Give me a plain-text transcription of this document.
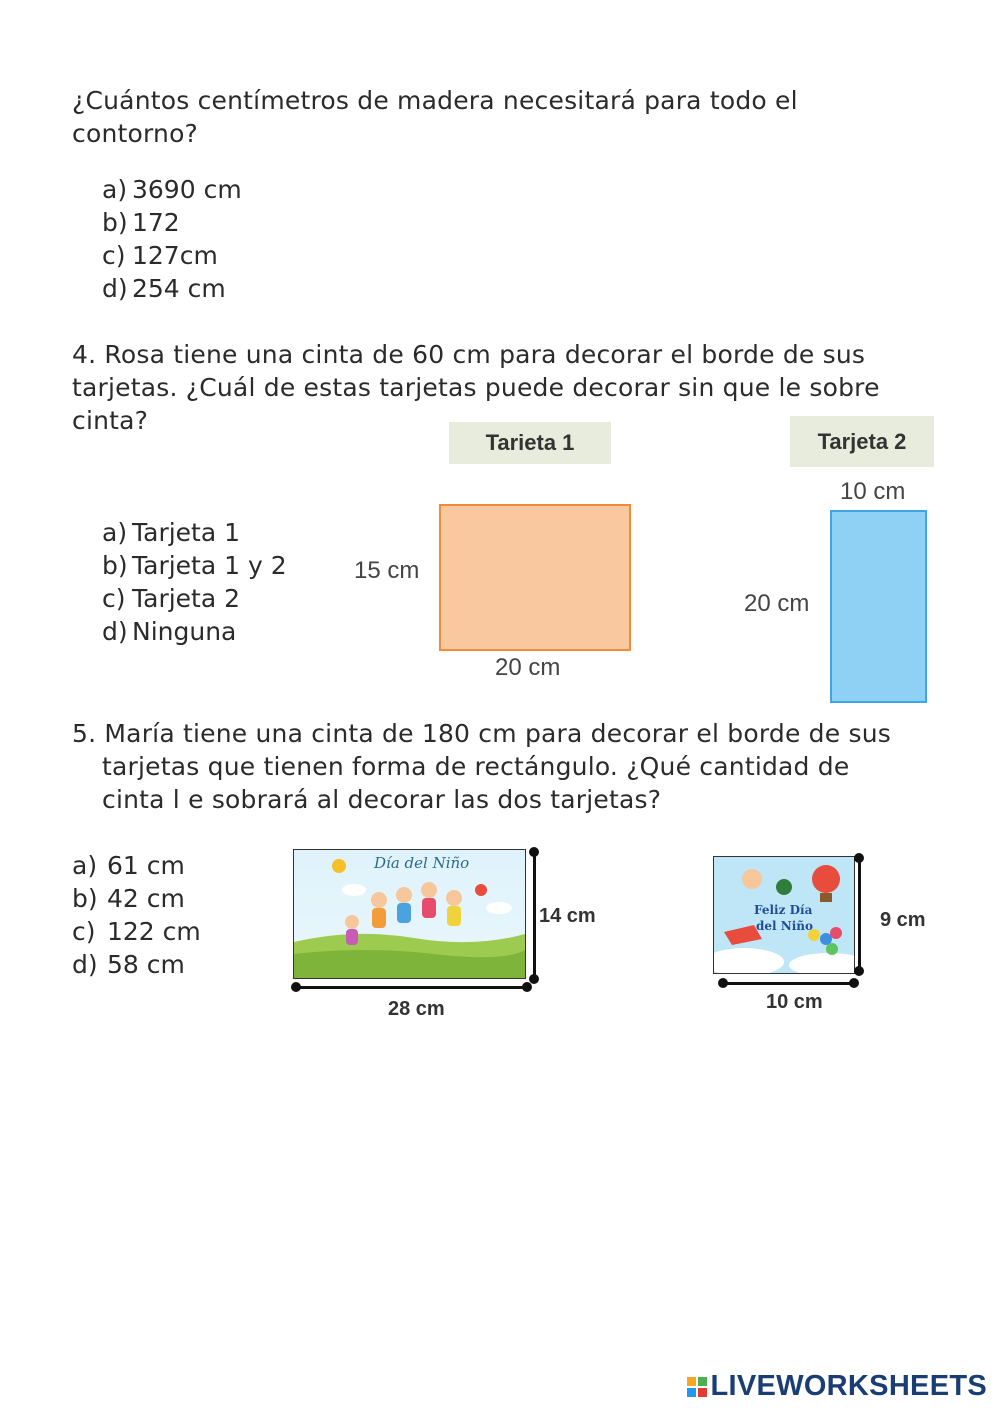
¿Cuántos centímetros de madera necesitará para todo el
contorno?
a) 3690 cm
b) 172
c) 127cm
d) 254 cm
4. Rosa tiene una cinta de 60 cm para decorar el borde de sus
tarjetas. ¿Cuál de estas tarjetas puede decorar sin que le sobre
cinta?
a) Tarjeta 1
b) Tarjeta 1 y 2
c) Tarjeta 2
d) Ninguna
Tarieta 1
15 cm
20 cm
Tarjeta 2
10 cm
20 cm
5. María tiene una cinta de 180 cm para decorar el borde de sus
tarjetas que tienen forma de rectángulo. ¿Qué cantidad de
cinta l e sobrará al decorar las dos tarjetas?
a) 61 cm
b) 42 cm
c) 122 cm
d) 58 cm
Día del Niño
14 cm
28 cm
Feliz Día
del Niño	9 cm
10 cm
LIVEWORKSHEETS
